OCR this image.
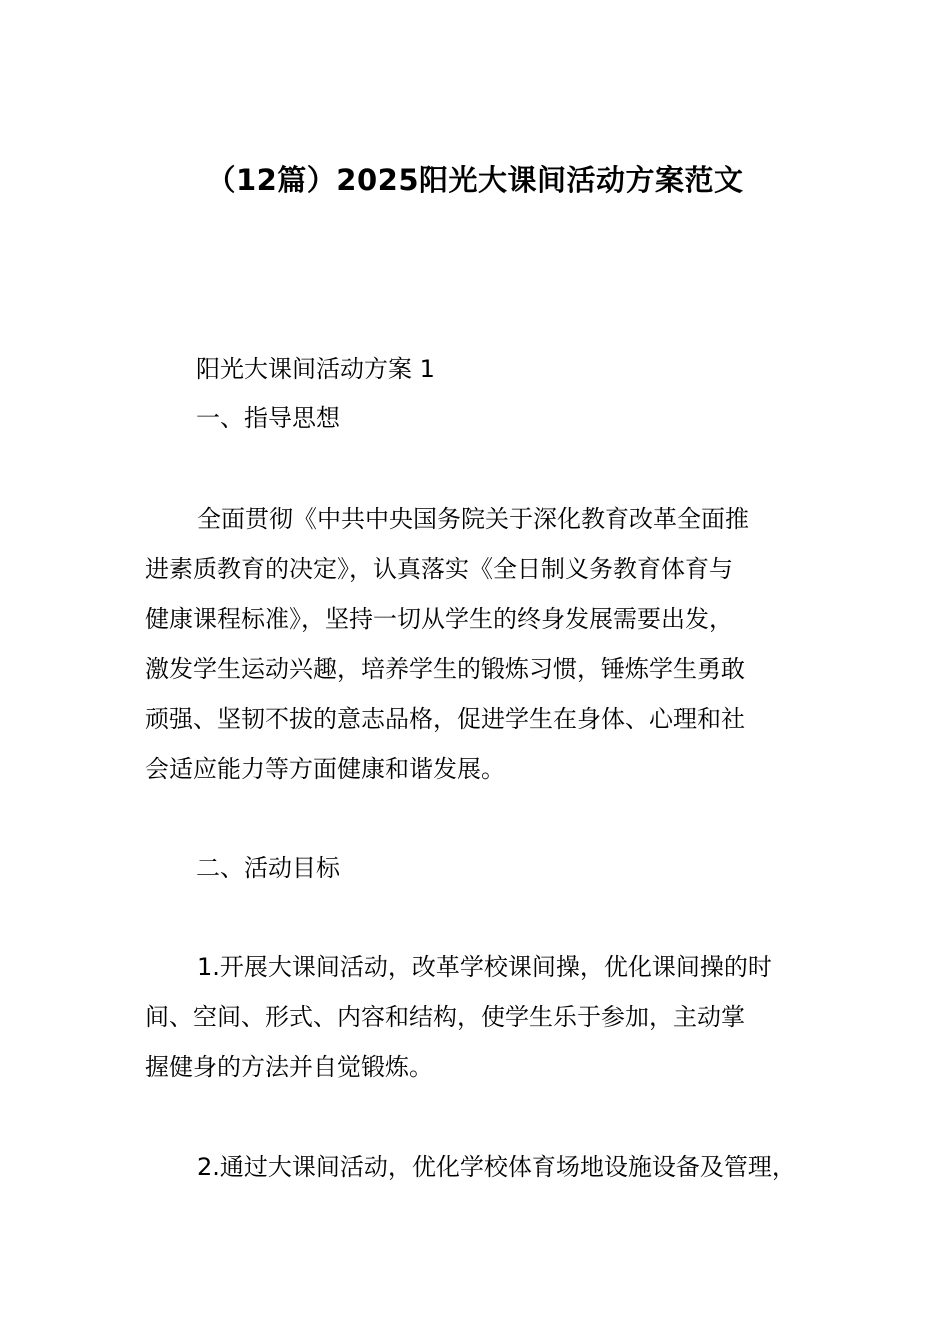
（12篇）2025阳光大课间活动方案范文
阳光大课间活动方案 1
一、指导思想
全面贯彻《中共中央国务院关于深化教育改革全面推
进素质教育的决定》，认真落实《全日制义务教育体育与
健康课程标准》，坚持一切从学生的终身发展需要出发，
激发学生运动兴趣，培养学生的锻炼习惯，锤炼学生勇敢
顽强、坚韧不拔的意志品格，促进学生在身体、心理和社
会适应能力等方面健康和谐发展。
二、活动目标
1.开展大课间活动，改革学校课间操，优化课间操的时
间、空间、形式、内容和结构，使学生乐于参加，主动掌
握健身的方法并自觉锻炼。
2.通过大课间活动，优化学校体育场地设施设备及管理，
